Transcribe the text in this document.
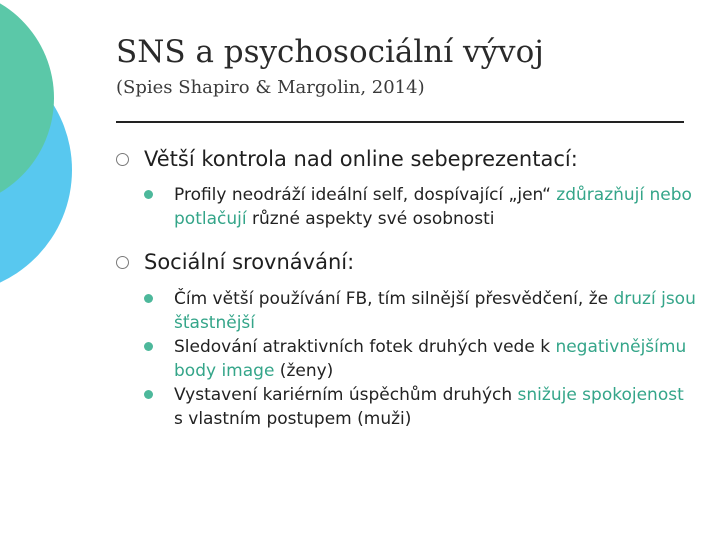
SNS a psychosociální vývoj
(Spies Shapiro & Margolin, 2014)
Větší kontrola nad online sebeprezentací:
Profily neodráží ideální self, dospívající „jen“ zdůrazňují nebo potlačují různé aspekty své osobnosti
Sociální srovnávání:
Čím větší používání FB, tím silnější přesvědčení, že druzí jsou šťastnější
Sledování atraktivních fotek druhých vede k negativnějšímu body image (ženy)
Vystavení kariérním úspěchům druhých snižuje spokojenost s vlastním postupem (muži)
